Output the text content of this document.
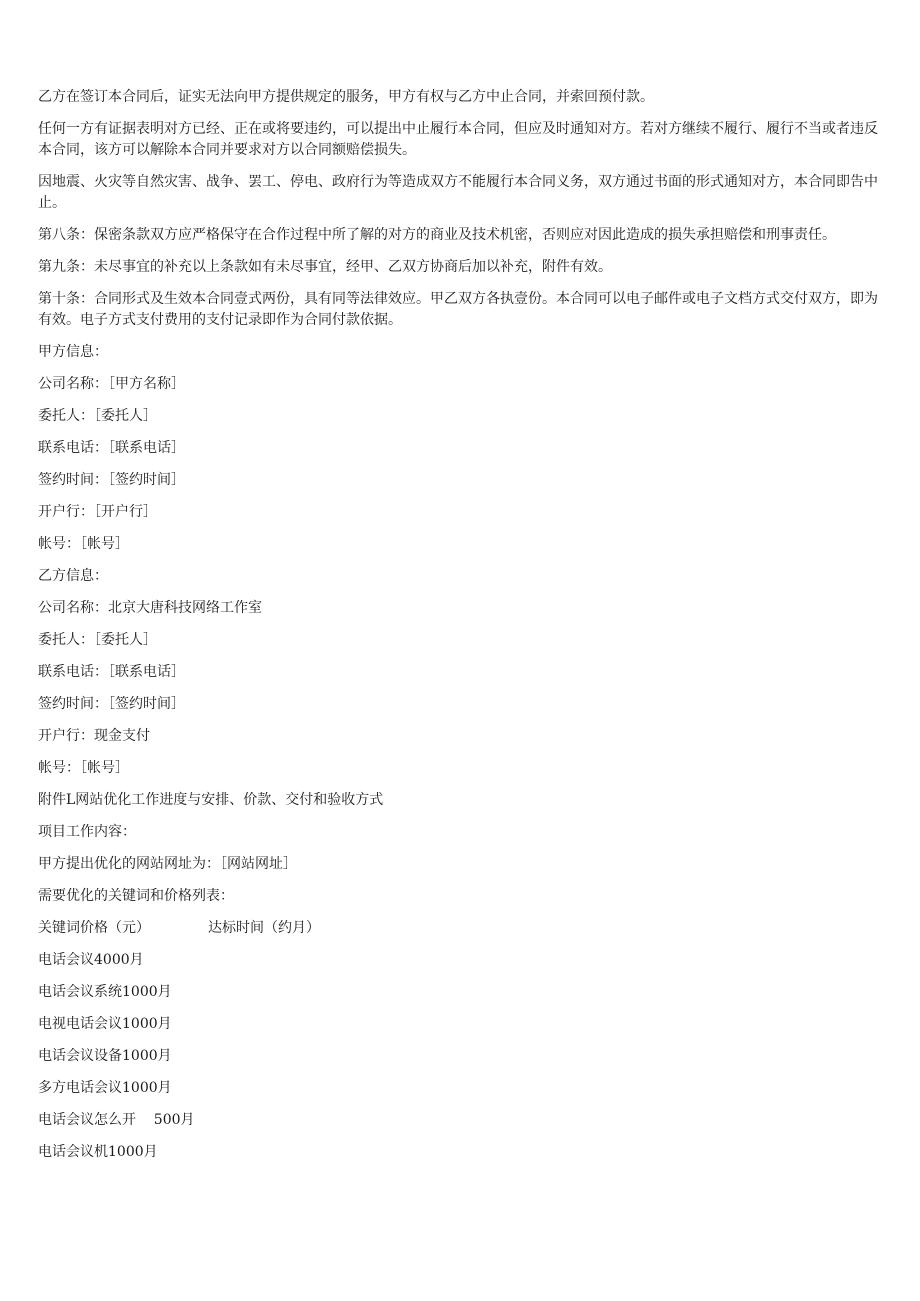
乙方在签订本合同后，证实无法向甲方提供规定的服务，甲方有权与乙方中止合同，并索回预付款。

任何一方有证据表明对方已经、正在或将要违约，可以提出中止履行本合同，但应及时通知对方。若对方继续不履行、履行不当或者违反本合同，该方可以解除本合同并要求对方以合同额赔偿损失。

因地震、火灾等自然灾害、战争、罢工、停电、政府行为等造成双方不能履行本合同义务，双方通过书面的形式通知对方，本合同即告中止。

第八条：保密条款双方应严格保守在合作过程中所了解的对方的商业及技术机密，否则应对因此造成的损失承担赔偿和刑事责任。

第九条：未尽事宜的补充以上条款如有未尽事宜，经甲、乙双方协商后加以补充，附件有效。

第十条：合同形式及生效本合同壹式两份，具有同等法律效应。甲乙双方各执壹份。本合同可以电子邮件或电子文档方式交付双方，即为有效。电子方式支付费用的支付记录即作为合同付款依据。

甲方信息：
公司名称：［甲方名称］
委托人：［委托人］
联系电话：［联系电话］
签约时间：［签约时间］
开户行：［开户行］
帐号：［帐号］
乙方信息：
公司名称：北京大唐科技网络工作室
委托人：［委托人］
联系电话：［联系电话］
签约时间：［签约时间］
开户行：现金支付
帐号：［帐号］
附件L网站优化工作进度与安排、价款、交付和验收方式
项目工作内容：
甲方提出优化的网站网址为：［网站网址］
需要优化的关键词和价格列表：
关键词价格（元）	达标时间（约月）
电话会议4000月
电话会议系统1000月
电视电话会议1000月
电话会议设备1000月
多方电话会议1000月
电话会议怎么开    500月
电话会议机1000月
